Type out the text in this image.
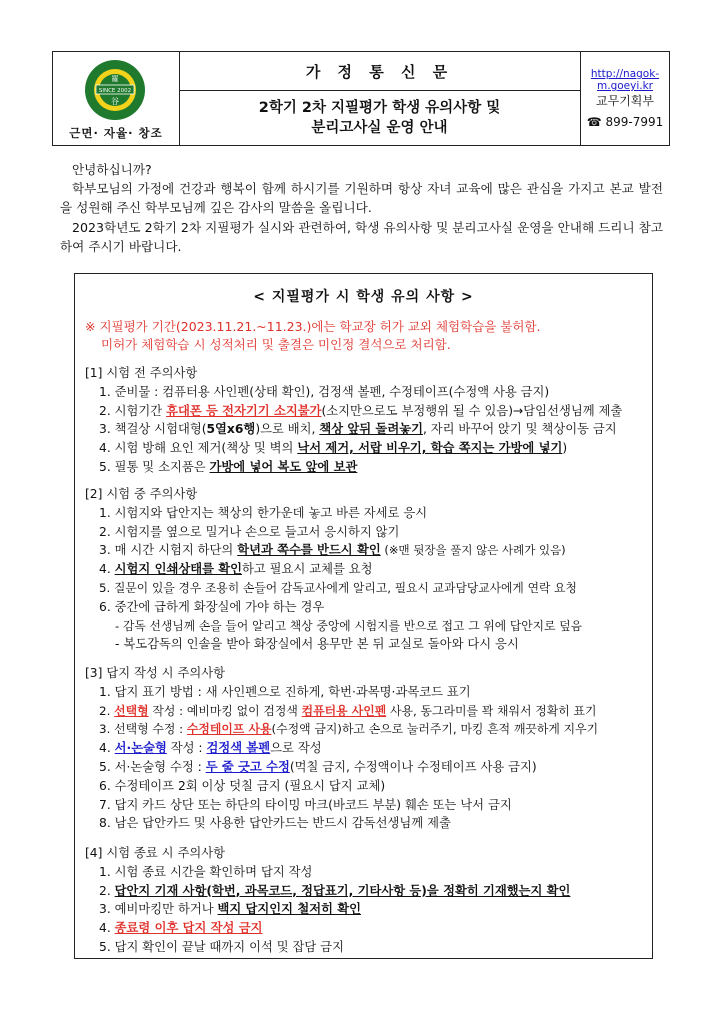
SINCE 2002
羅
谷
근면· 자율· 창조
가 정 통 신 문
2학기 2차 지필평가 학생 유의사항 및
분리고사실 운영 안내
http://nagok-m.goeyi.kr
교무기획부
☎ 899-7991

안녕하십니까?

학부모님의 가정에 건강과 행복이 함께 하시기를 기원하며 항상 자녀 교육에 많은 관심을 가지고 본교 발전을 성원해 주신 학부모님께 깊은 감사의 말씀을 올립니다.

2023학년도 2학기 2차 지필평가 실시와 관련하여, 학생 유의사항 및 분리고사실 운영을 안내해 드리니 참고하여 주시기 바랍니다.

< 지필평가 시 학생 유의 사항 >
※ 지필평가 기간(2023.11.21.~11.23.)에는 학교장 허가 교외 체험학습을 불허함.
미허가 체험학습 시 성적처리 및 출결은 미인정 결석으로 처리함.
[1] 시험 전 주의사항
1. 준비물 : 컴퓨터용 사인펜(상태 확인), 검정색 볼펜, 수정테이프(수정액 사용 금지)
2. 시험기간 휴대폰 등 전자기기 소지불가(소지만으로도 부정행위 될 수 있음)→담임선생님께 제출
3. 책걸상 시험대형(5열x6행)으로 배치, 책상 앞뒤 돌려놓기, 자리 바꾸어 앉기 및 책상이동 금지
4. 시험 방해 요인 제거(책상 및 벽의 낙서 제거, 서랍 비우기, 학습 쪽지는 가방에 넣기)
5. 필통 및 소지품은 가방에 넣어 복도 앞에 보관
[2] 시험 중 주의사항
1. 시험지와 답안지는 책상의 한가운데 놓고 바른 자세로 응시
2. 시험지를 옆으로 밀거나 손으로 들고서 응시하지 않기
3. 매 시간 시험지 하단의 학년과 쪽수를 반드시 확인 (※맨 뒷장을 풀지 않은 사례가 있음)
4. 시험지 인쇄상태를 확인하고 필요시 교체를 요청
5. 질문이 있을 경우 조용히 손들어 감독교사에게 알리고, 필요시 교과담당교사에게 연락 요청
6. 중간에 급하게 화장실에 가야 하는 경우
- 감독 선생님께 손을 들어 알리고 책상 중앙에 시험지를 반으로 접고 그 위에 답안지로 덮음
- 복도감독의 인솔을 받아 화장실에서 용무만 본 뒤 교실로 돌아와 다시 응시
[3] 답지 작성 시 주의사항
1. 답지 표기 방법 : 새 사인펜으로 진하게, 학번·과목명·과목코드 표기
2. 선택형 작성 : 예비마킹 없이 검정색 컴퓨터용 사인펜 사용, 동그라미를 꽉 채워서 정확히 표기
3. 선택형 수정 : 수정테이프 사용(수정액 금지)하고 손으로 눌러주기, 마킹 흔적 깨끗하게 지우기
4. 서·논술형 작성 : 검정색 볼펜으로 작성
5. 서·논술형 수정 : 두 줄 긋고 수정(먹칠 금지, 수정액이나 수정테이프 사용 금지)
6. 수정테이프 2회 이상 덧칠 금지 (필요시 답지 교체)
7. 답지 카드 상단 또는 하단의 타이밍 마크(바코드 부분) 훼손 또는 낙서 금지
8. 남은 답안카드 및 사용한 답안카드는 반드시 감독선생님께 제출
[4] 시험 종료 시 주의사항
1. 시험 종료 시간을 확인하며 답지 작성
2. 답안지 기재 사항(학번, 과목코드, 정답표기, 기타사항 등)을 정확히 기재했는지 확인
3. 예비마킹만 하거나 백지 답지인지 철저히 확인
4. 종료령 이후 답지 작성 금지
5. 답지 확인이 끝날 때까지 이석 및 잡담 금지
